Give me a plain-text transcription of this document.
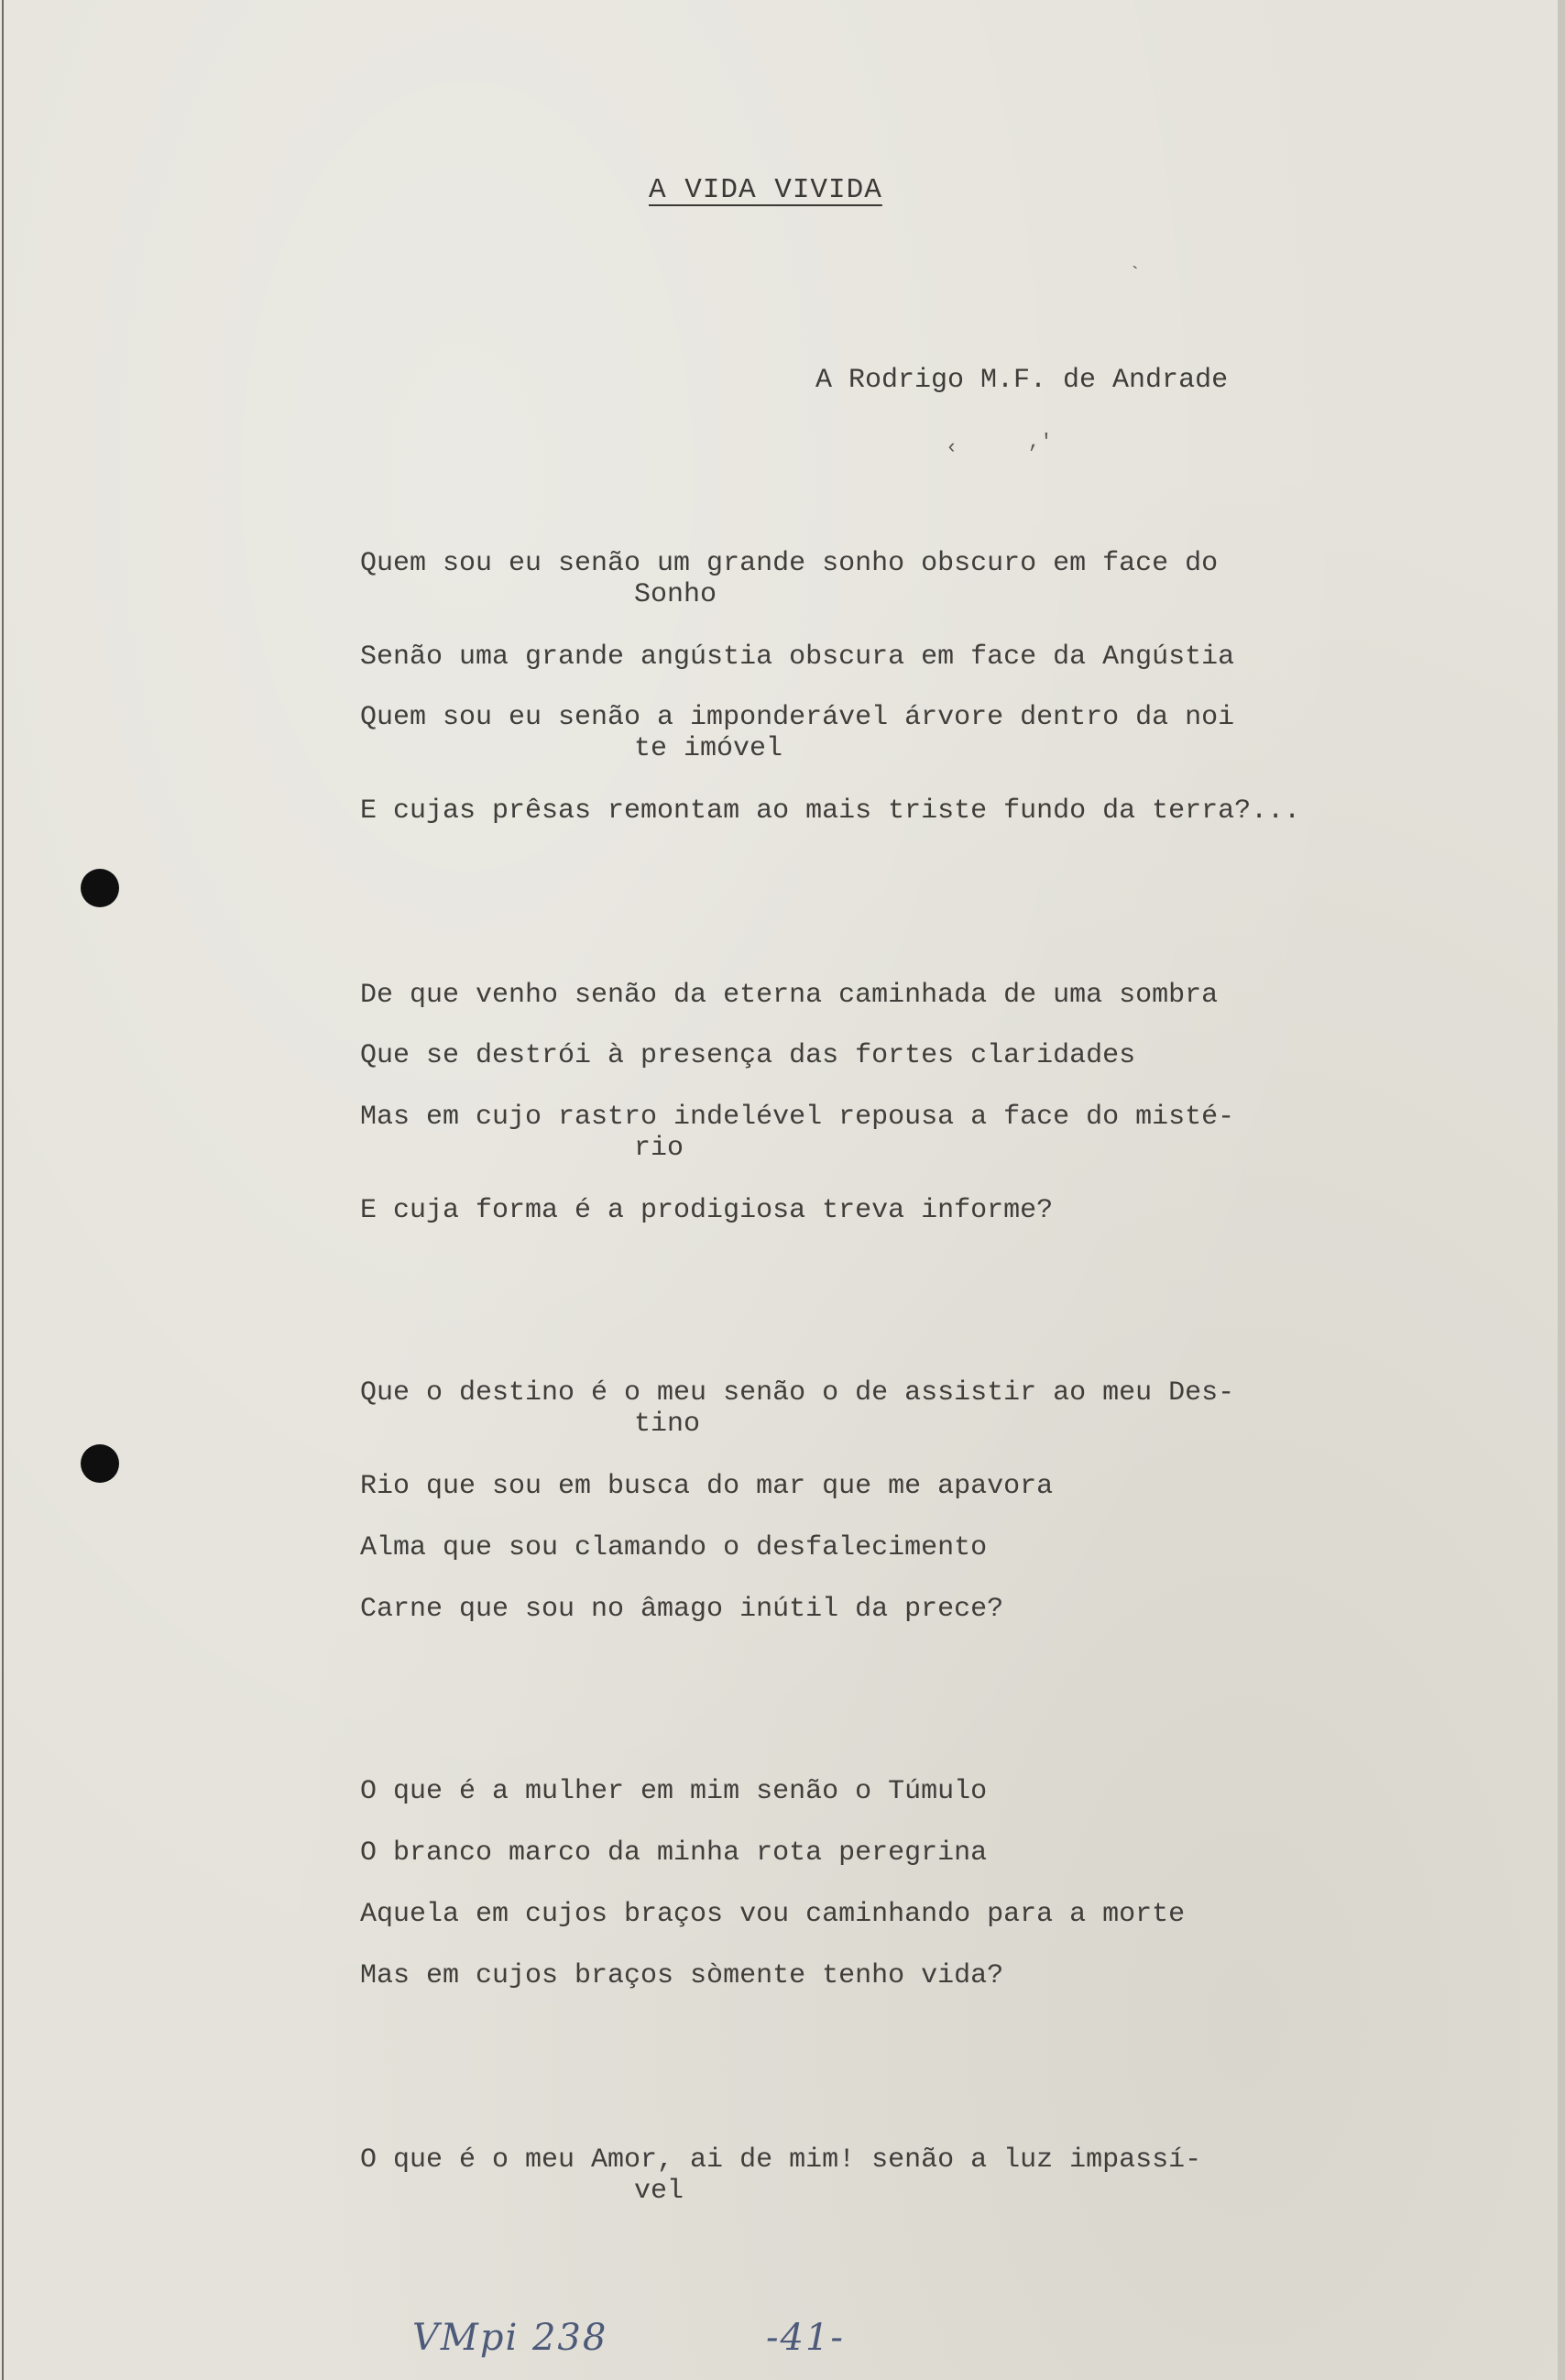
A VIDA VIVIDA
A Rodrigo M.F. de Andrade
`
‹	,'
Quem sou eu senão um grande sonho obscuro em face do
Sonho
Senão uma grande angústia obscura em face da Angústia
Quem sou eu senão a imponderável árvore dentro da noi
te imóvel
E cujas prêsas remontam ao mais triste fundo da terra?...
De que venho senão da eterna caminhada de uma sombra
Que se destrói à presença das fortes claridades
Mas em cujo rastro indelével repousa a face do misté-
rio
E cuja forma é a prodigiosa treva informe?
Que o destino é o meu senão o de assistir ao meu Des-
tino
Rio que sou em busca do mar que me apavora
Alma que sou clamando o desfalecimento
Carne que sou no âmago inútil da prece?
O que é a mulher em mim senão o Túmulo
O branco marco da minha rota peregrina
Aquela em cujos braços vou caminhando para a morte
Mas em cujos braços sòmente tenho vida?
O que é o meu Amor, ai de mim! senão a luz impassí-
vel
VMpi 238	-41-
